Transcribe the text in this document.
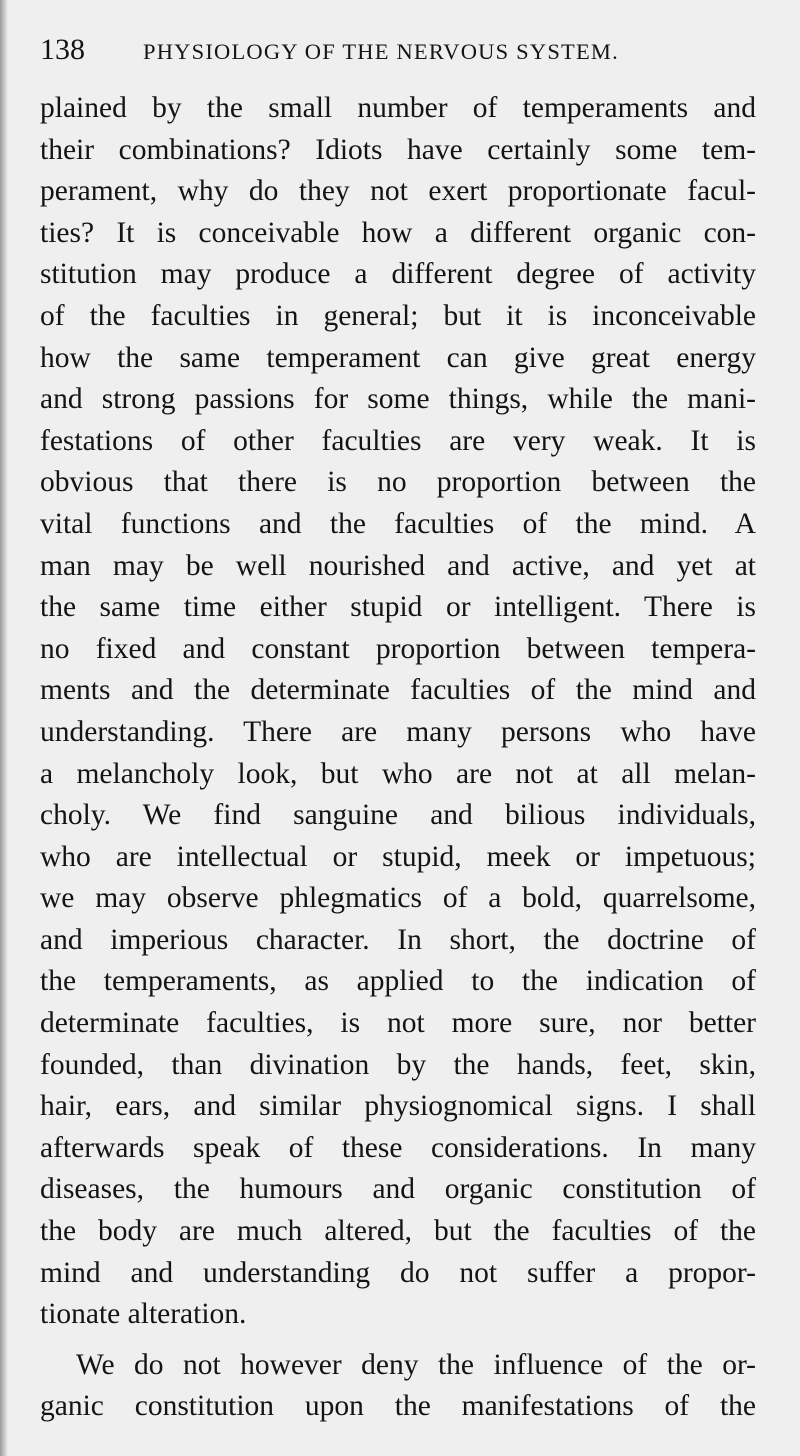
138	PHYSIOLOGY OF THE NERVOUS SYSTEM.
plained by the small number of temperaments and
their combinations? Idiots have certainly some tem-
perament, why do they not exert proportionate facul-
ties? It is conceivable how a different organic con-
stitution may produce a different degree of activity
of the faculties in general; but it is inconceivable
how the same temperament can give great energy
and strong passions for some things, while the mani-
festations of other faculties are very weak. It is
obvious that there is no proportion between the
vital functions and the faculties of the mind. A
man may be well nourished and active, and yet at
the same time either stupid or intelligent. There is
no fixed and constant proportion between tempera-
ments and the determinate faculties of the mind and
understanding. There are many persons who have
a melancholy look, but who are not at all melan-
choly. We find sanguine and bilious individuals,
who are intellectual or stupid, meek or impetuous;
we may observe phlegmatics of a bold, quarrelsome,
and imperious character. In short, the doctrine of
the temperaments, as applied to the indication of
determinate faculties, is not more sure, nor better
founded, than divination by the hands, feet, skin,
hair, ears, and similar physiognomical signs. I shall
afterwards speak of these considerations. In many
diseases, the humours and organic constitution of
the body are much altered, but the faculties of the
mind and understanding do not suffer a propor-
tionate alteration.
We do not however deny the influence of the or-
ganic constitution upon the manifestations of the
